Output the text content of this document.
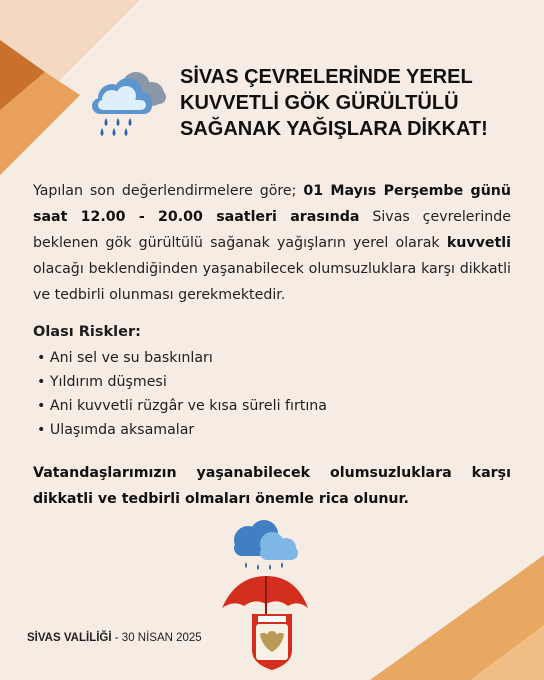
SİVAS ÇEVRELERİNDE YEREL
KUVVETLİ GÖK GÜRÜLTÜLÜ
SAĞANAK YAĞIŞLARA DİKKAT!
Yapılan son değerlendirmelere göre; 01 Mayıs Perşembe günü saat 12.00 - 20.00 saatleri arasında Sivas çevrelerinde beklenen gök gürültülü sağanak yağışların yerel olarak kuvvetli olacağı beklendiğinden yaşanabilecek olumsuzluklara karşı dikkatli ve tedbirli olunması gerekmektedir.
Olası Riskler:
• Ani sel ve su baskınları
• Yıldırım düşmesi
• Ani kuvvetli rüzgâr ve kısa süreli fırtına
• Ulaşımda aksamalar
Vatandaşlarımızın yaşanabilecek olumsuzluklara karşı dikkatli ve tedbirli olmaları önemle rica olunur.
SİVAS VALİLİĞİ - 30 NİSAN 2025
